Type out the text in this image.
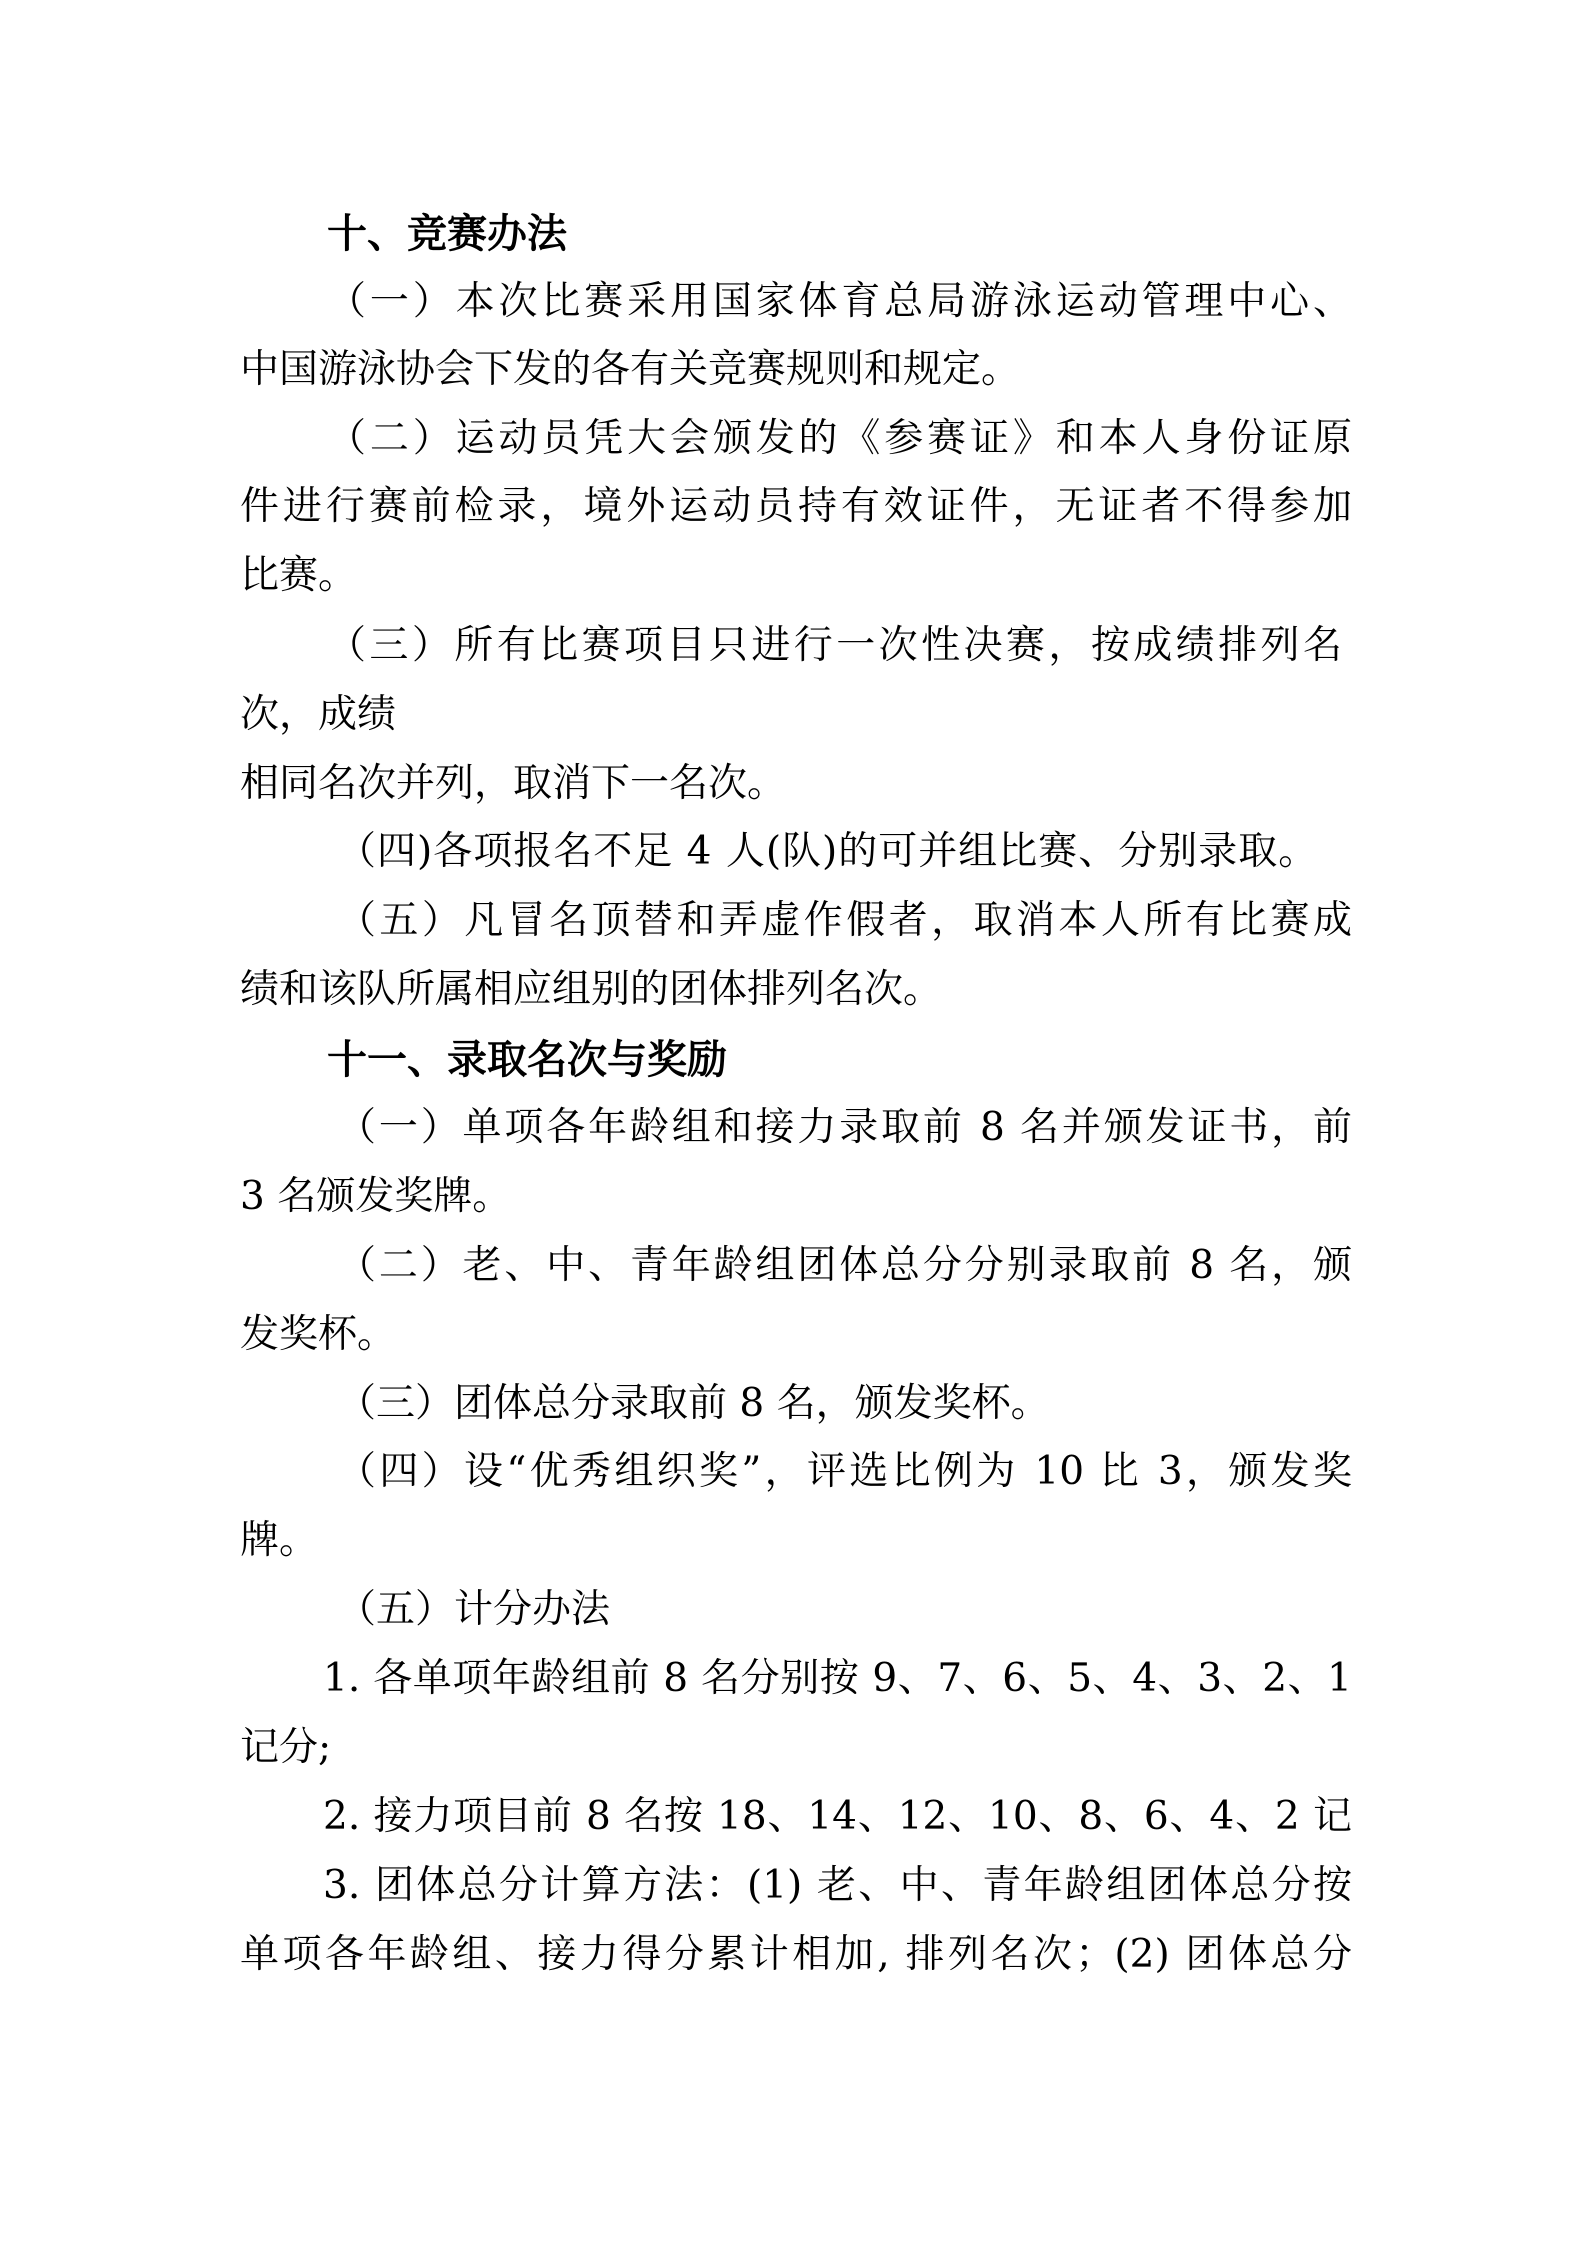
十、竞赛办法
（一）本次比赛采用国家体育总局游泳运动管理中心、
中国游泳协会下发的各有关竞赛规则和规定。
（二）运动员凭大会颁发的《参赛证》和本人身份证原
件进行赛前检录，境外运动员持有效证件，无证者不得参加
比赛。
（三）所有比赛项目只进行一次性决赛，按成绩排列名
次，成绩
相同名次并列，取消下一名次。
（四)各项报名不足 4 人(队)的可并组比赛、分别录取。
（五）凡冒名顶替和弄虚作假者，取消本人所有比赛成
绩和该队所属相应组别的团体排列名次。
十一、录取名次与奖励
（一）单项各年龄组和接力录取前 8 名并颁发证书，前
3 名颁发奖牌。
（二）老、中、青年龄组团体总分分别录取前 8 名，颁
发奖杯。
（三）团体总分录取前 8 名，颁发奖杯。
（四）设“优秀组织奖”，评选比例为 10 比 3，颁发奖
牌。
（五）计分办法
1. 各单项年龄组前 8 名分别按 9、7、6、5、4、3、2、1
记分;
2. 接力项目前 8 名按 18、14、12、10、8、6、4、2 记
3. 团体总分计算方法：(1) 老、中、青年龄组团体总分按
单项各年龄组、接力得分累计相加, 排列名次；(2) 团体总分
